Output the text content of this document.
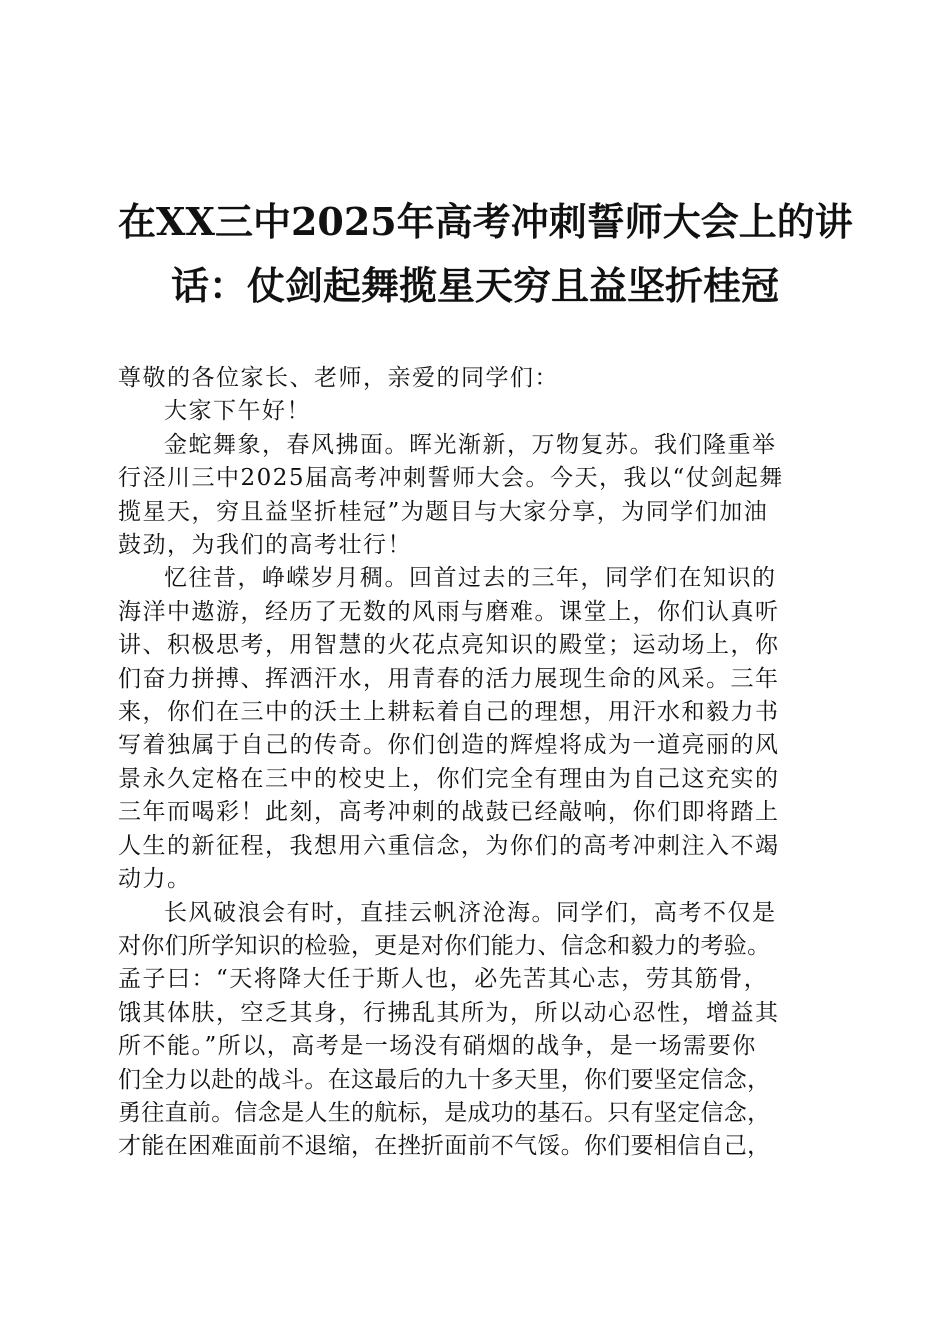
在XX三中2025年高考冲刺誓师大会上的讲
话：仗剑起舞揽星天穷且益坚折桂冠

尊敬的各位家长、老师，亲爱的同学们：

大家下午好！

金蛇舞象，春风拂面。晖光渐新，万物复苏。我们隆重举
行泾川三中2025届高考冲刺誓师大会。今天，我以“仗剑起舞
揽星天，穷且益坚折桂冠”为题目与大家分享，为同学们加油
鼓劲，为我们的高考壮行！

忆往昔，峥嵘岁月稠。回首过去的三年，同学们在知识的
海洋中遨游，经历了无数的风雨与磨难。课堂上，你们认真听
讲、积极思考，用智慧的火花点亮知识的殿堂；运动场上，你
们奋力拼搏、挥洒汗水，用青春的活力展现生命的风采。三年
来，你们在三中的沃土上耕耘着自己的理想，用汗水和毅力书
写着独属于自己的传奇。你们创造的辉煌将成为一道亮丽的风
景永久定格在三中的校史上，你们完全有理由为自己这充实的
三年而喝彩！此刻，高考冲刺的战鼓已经敲响，你们即将踏上
人生的新征程，我想用六重信念，为你们的高考冲刺注入不竭
动力。

长风破浪会有时，直挂云帆济沧海。同学们，高考不仅是
对你们所学知识的检验，更是对你们能力、信念和毅力的考验。
孟子曰：“天将降大任于斯人也，必先苦其心志，劳其筋骨，
饿其体肤，空乏其身，行拂乱其所为，所以动心忍性，增益其
所不能。”所以，高考是一场没有硝烟的战争，是一场需要你
们全力以赴的战斗。在这最后的九十多天里，你们要坚定信念，
勇往直前。信念是人生的航标，是成功的基石。只有坚定信念，
才能在困难面前不退缩，在挫折面前不气馁。你们要相信自己，
